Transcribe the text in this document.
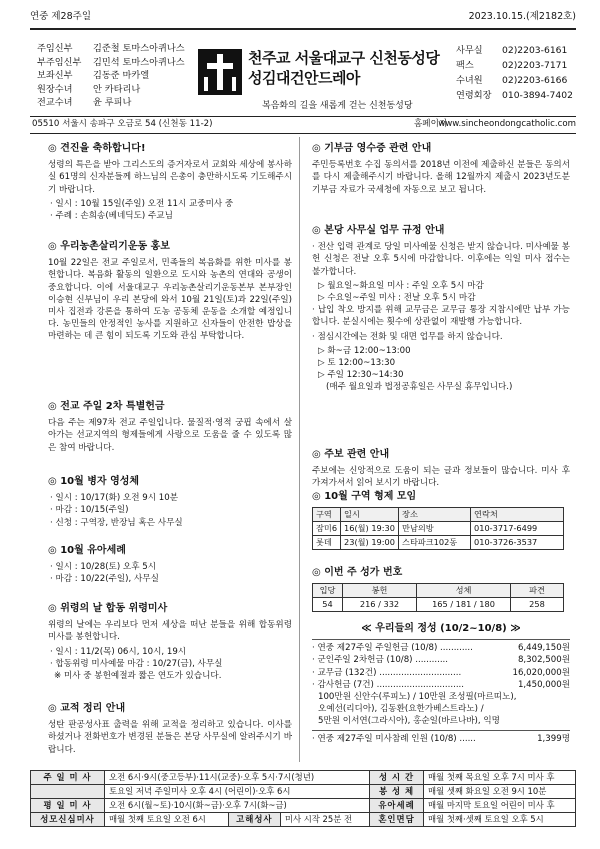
연중 제28주일	2023.10.15.(제2182호)
주임신부	김준철 토마스아퀴나스
부주임신부	김민석 토마스아퀴나스
보좌신부	김동준 마카엘
원장수녀	안 카타리나
전교수녀	윤 루피나
천주교 서울대교구 신천동성당
성김대건안드레아
복음화의 길을 새롭게 걷는 신천동성당
사무실	02)2203-6161
팩스	02)2203-7171
수녀원	02)2203-6166
연령회장	010-3894-7402
05510 서울시 송파구 오금로 54 (신천동 11-2)	홈페이지
www.sincheondongcatholic.com
◎ 견진을 축하합니다!

성령의 특은을 받아 그리스도의 증거자로서 교회와 세상에 봉사하실 61명의 신자분들께 하느님의 은총이 충만하시도록 기도해주시기 바랍니다.

· 일시 : 10월 15일(주일) 오전 11시 교중미사 중
· 주례 : 손희송(베네딕도) 주교님
◎ 우리농촌살리기운동 홍보

10월 22일은 전교 주일로서, 민족들의 복음화를 위한 미사를 봉헌합니다. 복음화 활동의 일환으로 도시와 농촌의 연대와 공생이 중요합니다. 이에 서울대교구 우리농촌살리기운동본부 본부장인 이승현 신부님이 우리 본당에 와서 10월 21일(토)과 22일(주일) 미사 집전과 강론을 통하여 도농 공동체 운동을 소개할 예정입니다. 농민들의 안정적인 농사를 지원하고 신자들이 안전한 밥상을 마련하는 데 큰 힘이 되도록 기도와 관심 부탁합니다.

◎ 전교 주일 2차 특별헌금

다음 주는 제97차 전교 주일입니다. 물질적·영적 궁핍 속에서 살아가는 선교지역의 형제들에게 사랑으로 도움을 줄 수 있도록 많은 참여 바랍니다.

◎ 10월 병자 영성체
· 일시 : 10/17(화) 오전 9시 10분
· 마감 : 10/15(주일)
· 신청 : 구역장, 반장님 혹은 사무실
◎ 10월 유아세례
· 일시 : 10/28(토) 오후 5시
· 마감 : 10/22(주일), 사무실
◎ 위령의 날 합동 위령미사

위령의 날에는 우리보다 먼저 세상을 떠난 분들을 위해 합동위령 미사를 봉헌합니다.

· 일시 : 11/2(목) 06시, 10시, 19시
· 합동위령 미사예물 마감 : 10/27(금), 사무실
※ 미사 중 봉헌예절과 짧은 연도가 있습니다.
◎ 교적 정리 안내

성탄 판공성사표 출력을 위해 교적을 정리하고 있습니다. 이사를 하셨거나 전화번호가 변경된 분들은 본당 사무실에 알려주시기 바랍니다.

◎ 기부금 영수증 관련 안내

주민등록번호 수집 동의서를 2018년 이전에 제출하신 분들은 동의서를 다시 제출해주시기 바랍니다. 올해 12월까지 제출시 2023년도분 기부금 자료가 국세청에 자동으로 보고 됩니다.

◎ 본당 사무실 업무 규정 안내

· 전산 입력 관계로 당일 미사예물 신청은 받지 않습니다. 미사예물 봉헌 신청은 전날 오후 5시에 마감합니다. 이후에는 익일 미사 접수는 불가합니다.

▷ 월요일~화요일 미사 : 주일 오후 5시 마감
▷ 수요일~주일 미사 : 전날 오후 5시 마감

· 납입 착오 방지를 위해 교무금은 교무금 통장 지참시에만 납부 가능합니다. 분실시에는 횟수에 상관없이 재발행 가능합니다.

· 점심시간에는 전화 및 대면 업무를 하지 않습니다.

▷ 화~금 12:00~13:00
▷ 토 12:00~13:30
▷ 주일 12:30~14:30
(매주 월요일과 법정공휴일은 사무실 휴무입니다.)
◎ 주보 관련 안내

주보에는 신앙적으로 도움이 되는 글과 정보들이 많습니다. 미사 후 가져가셔서 읽어 보시기 바랍니다.

◎ 10월 구역 형제 모임
구역	일시	장소	연락처
잠미6	16(월) 19:30	만남의방	010-3717-6499
롯데	23(월) 19:00	스타파크102동	010-3726-3537
◎ 이번 주 성가 번호
입당	봉헌	성체	파견
54	216 / 332	165 / 181 / 180	258
≪ 우리들의 정성 (10/2~10/8) ≫
· 연중 제27주일 주일헌금 (10/8) ............	6,449,150원
· 군인주일 2차헌금 (10/8) ............	8,302,500원
· 교무금 (132건) ..............................	16,020,000원
· 감사헌금 (7건) ................................	1,450,000원
100만원 신안수(루피노) / 10만원 조성필(마르띠노),
오예선(리디아), 김동환(요한가베스트라노) /
5만원 이서연(그라시아), 홍순일(바르나바), 익명
· 연중 제27주일 미사참례 인원 (10/8) ......	1,399명
주 일 미 사	오전 6시·9시(중고등부)·11시(교중)·오후 5시·7시(청년)			성 시 간	매월 첫째 목요일 오후 7시 미사 후
	토요일 저녁 주일미사 오후 4시 (어린이)·오후 6시			봉 성 체	매월 셋째 화요일 오전 9시 10분
평 일 미 사	오전 6시(월~토)·10시(화~금)·오후 7시(화~금)			유아세례	매월 마지막 토요일 어린이 미사 후
성모신심미사	매월 첫째 토요일 오전 6시	고해성사	미사 시작 25분 전	혼인면담	매월 첫째·셋째 토요일 오후 5시
